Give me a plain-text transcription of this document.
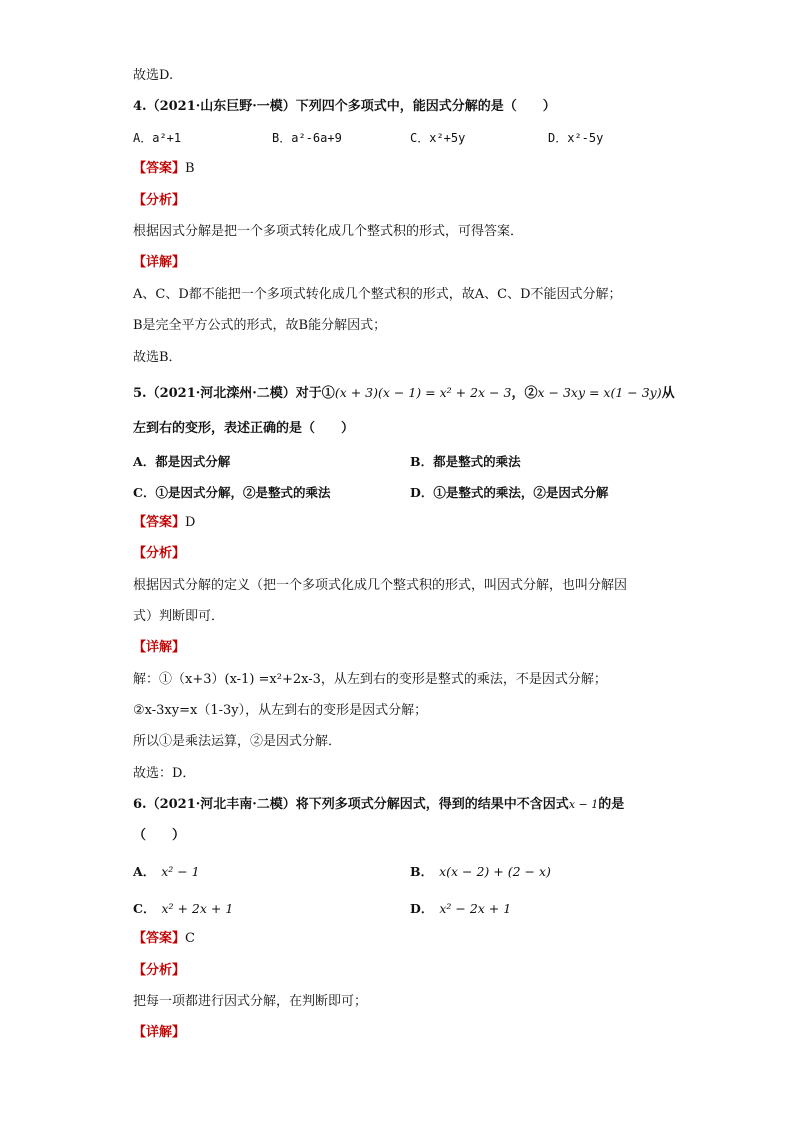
故选D.
4.（2021·山东巨野·一模）下列四个多项式中，能因式分解的是（　　）
A．a²+1	B．a²-6a+9	C．x²+5y	D．x²-5y
【答案】B
【分析】
根据因式分解是把一个多项式转化成几个整式积的形式，可得答案．
【详解】
A、C、D都不能把一个多项式转化成几个整式积的形式，故A、C、D不能因式分解；
B是完全平方公式的形式，故B能分解因式；
故选B．
5.（2021·河北滦州·二模）对于①(x + 3)(x − 1) = x² + 2x − 3，②x − 3xy = x(1 − 3y)从
左到右的变形，表述正确的是（　　）
A．都是因式分解	B．都是整式的乘法
C．①是因式分解，②是整式的乘法	D．①是整式的乘法，②是因式分解
【答案】D
【分析】
根据因式分解的定义（把一个多项式化成几个整式积的形式，叫因式分解，也叫分解因
式）判断即可．
【详解】
解：①（x+3）(x-1) =x²+2x-3，从左到右的变形是整式的乘法，不是因式分解；
②x-3xy=x（1-3y），从左到右的变形是因式分解；
所以①是乘法运算，②是因式分解．
故选：D．
6.（2021·河北丰南·二模）将下列多项式分解因式，得到的结果中不含因式x − 1的是
（　　）
A． x² − 1	B． x(x − 2) + (2 − x)
C． x² + 2x + 1	D． x² − 2x + 1
【答案】C
【分析】
把每一项都进行因式分解，在判断即可；
【详解】
